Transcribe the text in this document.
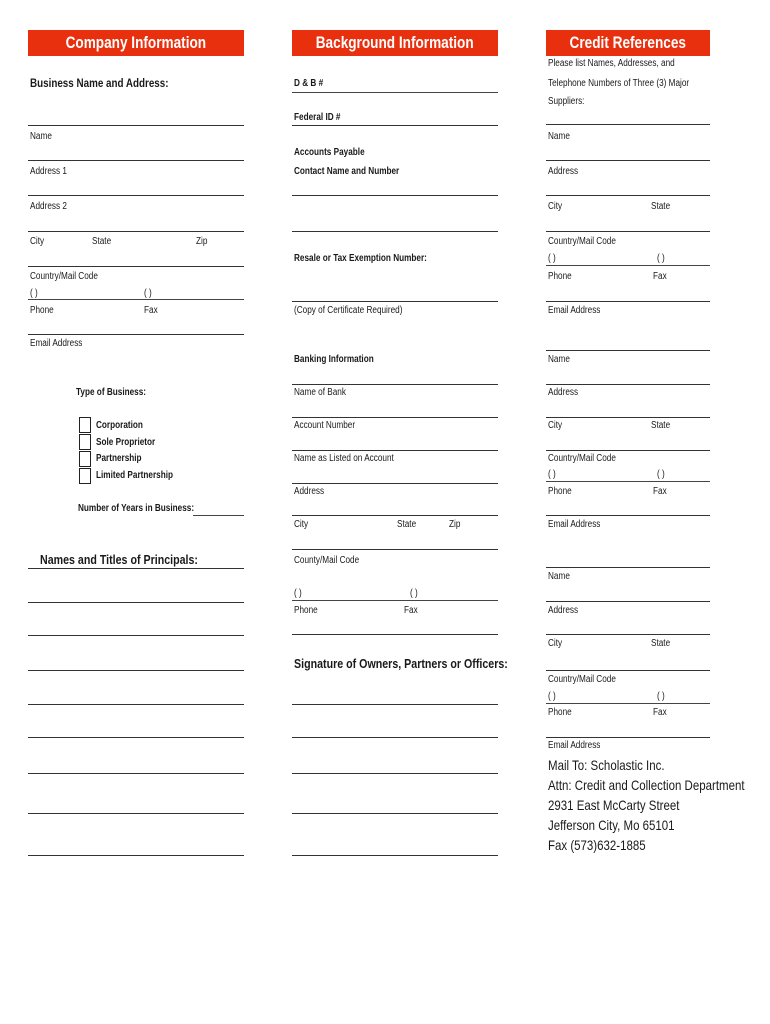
Company Information
Business Name and Address:
Name
Address 1
Address 2
City	State	Zip
Country/Mail Code
( )	( )
Phone	Fax
Email Address
Type of Business:
Corporation
Sole Proprietor
Partnership
Limited Partnership
Number of Years in Business:
Names and Titles of Principals:
Background Information
D & B #
Federal ID #
Accounts Payable
Contact Name and Number
Resale or Tax Exemption Number:
(Copy of Certificate Required)
Banking Information
Name of Bank
Account Number
Name as Listed on Account
Address
City	State	Zip
County/Mail Code
( )	( )
Phone	Fax
Signature of Owners, Partners or Officers:
Credit References
Please list Names, Addresses, and
Telephone Numbers of Three (3) Major
Suppliers:
Name
Address
City	State
Country/Mail Code
( )	( )
Phone	Fax
Email Address
Name
Address
City	State
Country/Mail Code
( )	( )
Phone	Fax
Email Address
Name
Address
City	State
Country/Mail Code
( )	( )
Phone	Fax
Email Address
Mail To: Scholastic Inc.
Attn: Credit and Collection Department
2931 East McCarty Street
Jefferson City, Mo 65101
Fax (573)632-1885
